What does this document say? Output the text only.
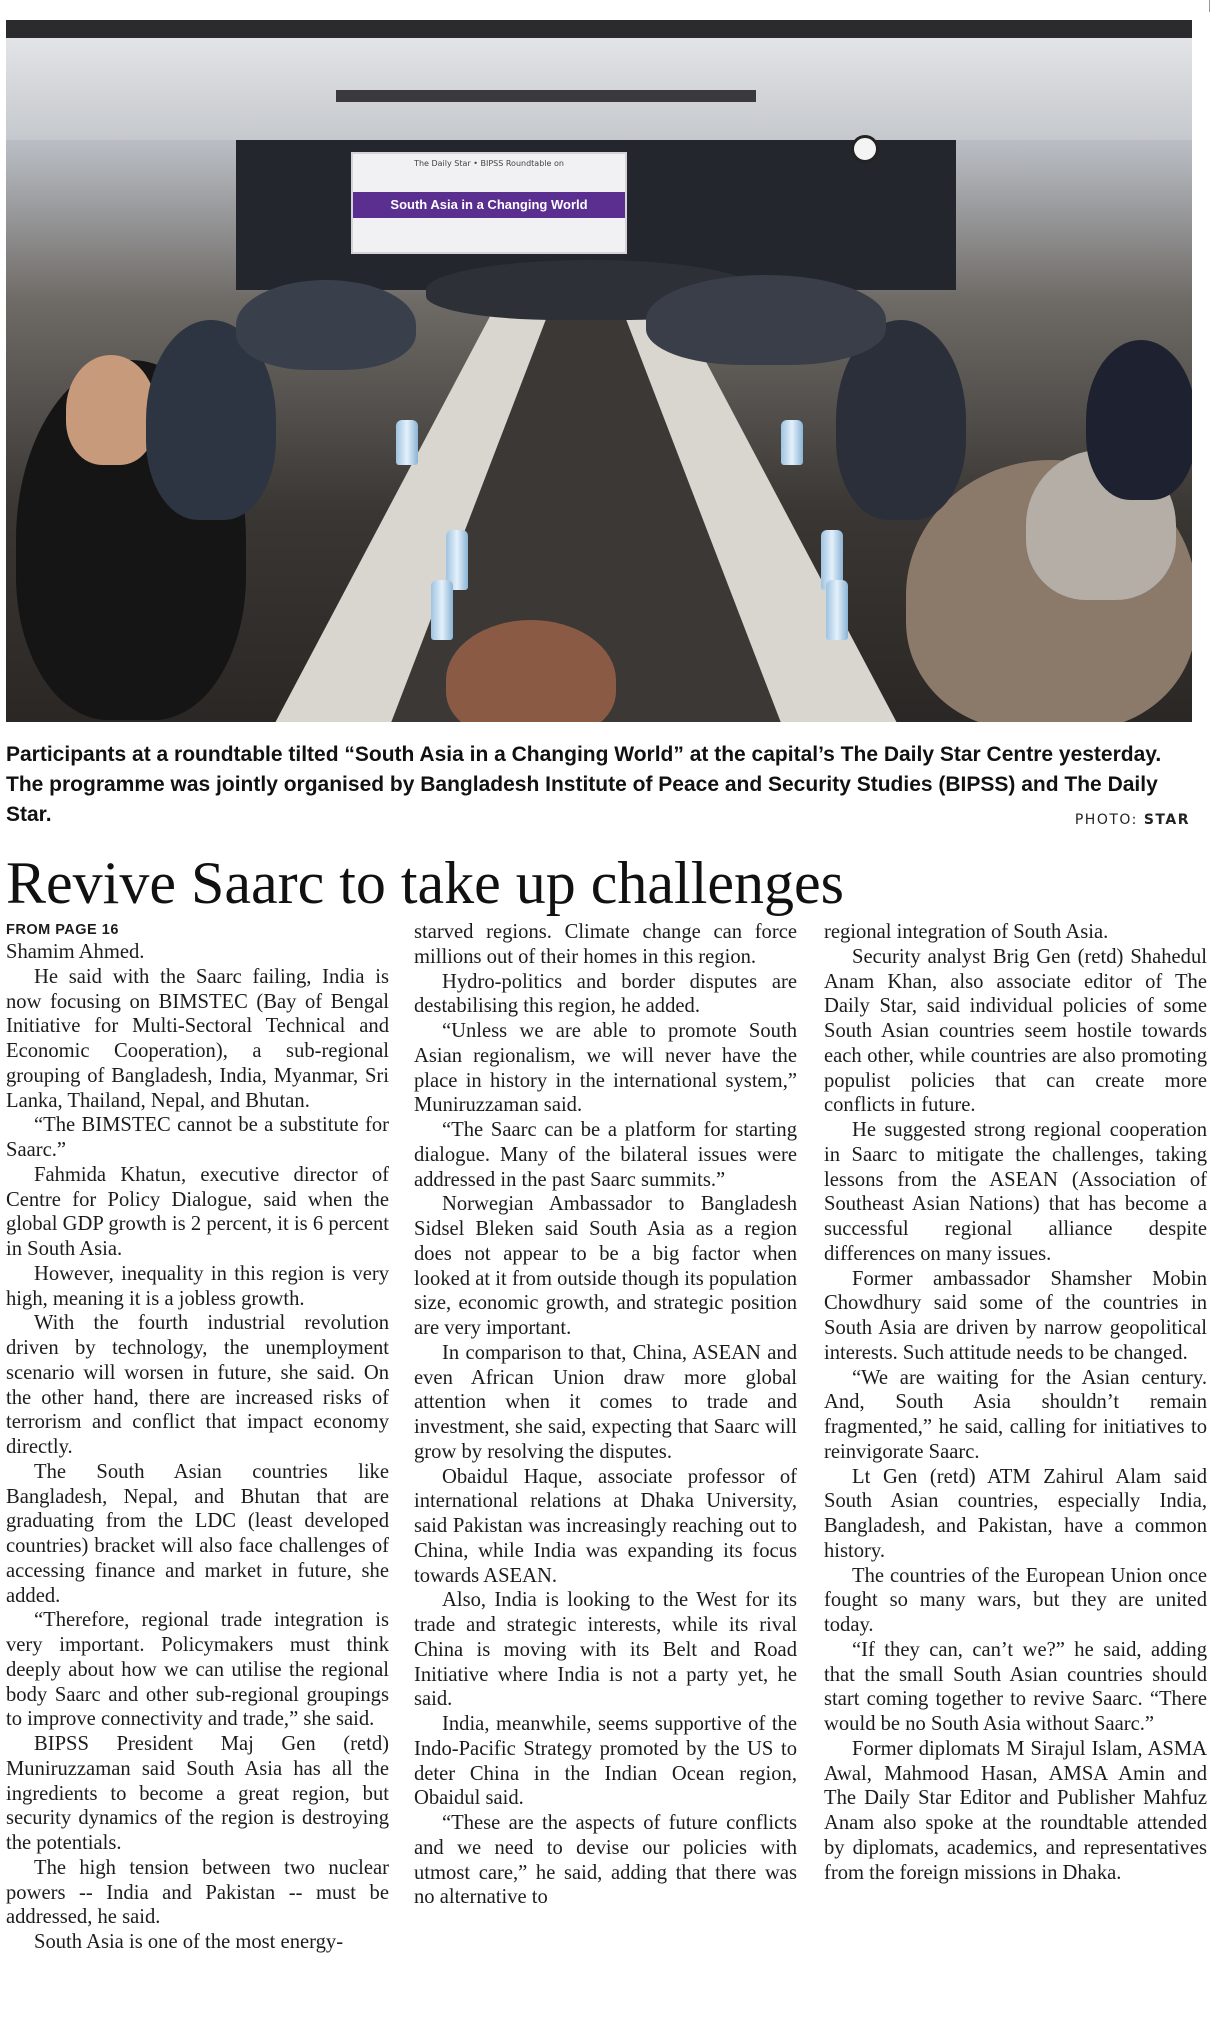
The Daily Star • BIPSS Roundtable on
South Asia in a Changing World
Participants at a roundtable tilted “South Asia in a Changing World” at the capital’s The Daily Star Centre yesterday. The programme was jointly organised by Bangladesh Institute of Peace and Security Studies (BIPSS) and The Daily Star.	PHOTO: STAR
Revive Saarc to take up challenges
FROM PAGE 16

Shamim Ahmed.

He said with the Saarc failing, India is now focusing on BIMSTEC (Bay of Bengal Initiative for Multi-Sectoral Technical and Economic Cooperation), a sub-regional grouping of Bangladesh, India, Myanmar, Sri Lanka, Thailand, Nepal, and Bhutan.

“The BIMSTEC cannot be a substitute for Saarc.”

Fahmida Khatun, executive director of Centre for Policy Dialogue, said when the global GDP growth is 2 percent, it is 6 percent in South Asia.

However, inequality in this region is very high, meaning it is a jobless growth.

With the fourth industrial revolution driven by technology, the unemployment scenario will worsen in future, she said. On the other hand, there are increased risks of terrorism and conflict that impact economy directly.

The South Asian countries like Bangladesh, Nepal, and Bhutan that are graduating from the LDC (least developed countries) bracket will also face challenges of accessing finance and market in future, she added.

“Therefore, regional trade integration is very important. Policymakers must think deeply about how we can utilise the regional body Saarc and other sub-regional groupings to improve connectivity and trade,” she said.

BIPSS President Maj Gen (retd) Muniruzzaman said South Asia has all the ingredients to become a great region, but security dynamics of the region is destroying the potentials.

The high tension between two nuclear powers -- India and Pakistan -- must be addressed, he said.

South Asia is one of the most energy-

starved regions. Climate change can force millions out of their homes in this region.

Hydro-politics and border disputes are destabilising this region, he added.

“Unless we are able to promote South Asian regionalism, we will never have the place in history in the international system,” Muniruzzaman said.

“The Saarc can be a platform for starting dialogue. Many of the bilateral issues were addressed in the past Saarc summits.”

Norwegian Ambassador to Bangladesh Sidsel Bleken said South Asia as a region does not appear to be a big factor when looked at it from outside though its population size, economic growth, and strategic position are very important.

In comparison to that, China, ASEAN and even African Union draw more global attention when it comes to trade and investment, she said, expecting that Saarc will grow by resolving the disputes.

Obaidul Haque, associate professor of international relations at Dhaka University, said Pakistan was increasingly reaching out to China, while India was expanding its focus towards ASEAN.

Also, India is looking to the West for its trade and strategic interests, while its rival China is moving with its Belt and Road Initiative where India is not a party yet, he said.

India, meanwhile, seems supportive of the Indo-Pacific Strategy promoted by the US to deter China in the Indian Ocean region, Obaidul said.

“These are the aspects of future conflicts and we need to devise our policies with utmost care,” he said, adding that there was no alternative to

regional integration of South Asia.

Security analyst Brig Gen (retd) Shahedul Anam Khan, also associate editor of The Daily Star, said individual policies of some South Asian countries seem hostile towards each other, while countries are also promoting populist policies that can create more conflicts in future.

He suggested strong regional cooperation in Saarc to mitigate the challenges, taking lessons from the ASEAN (Association of Southeast Asian Nations) that has become a successful regional alliance despite differences on many issues.

Former ambassador Shamsher Mobin Chowdhury said some of the countries in South Asia are driven by narrow geopolitical interests. Such attitude needs to be changed.

“We are waiting for the Asian century. And, South Asia shouldn’t remain fragmented,” he said, calling for initiatives to reinvigorate Saarc.

Lt Gen (retd) ATM Zahirul Alam said South Asian countries, especially India, Bangladesh, and Pakistan, have a common history.

The countries of the European Union once fought so many wars, but they are united today.

“If they can, can’t we?” he said, adding that the small South Asian countries should start coming together to revive Saarc. “There would be no South Asia without Saarc.”

Former diplomats M Sirajul Islam, ASMA Awal, Mahmood Hasan, AMSA Amin and The Daily Star Editor and Publisher Mahfuz Anam also spoke at the roundtable attended by diplomats, academics, and representatives from the foreign missions in Dhaka.
